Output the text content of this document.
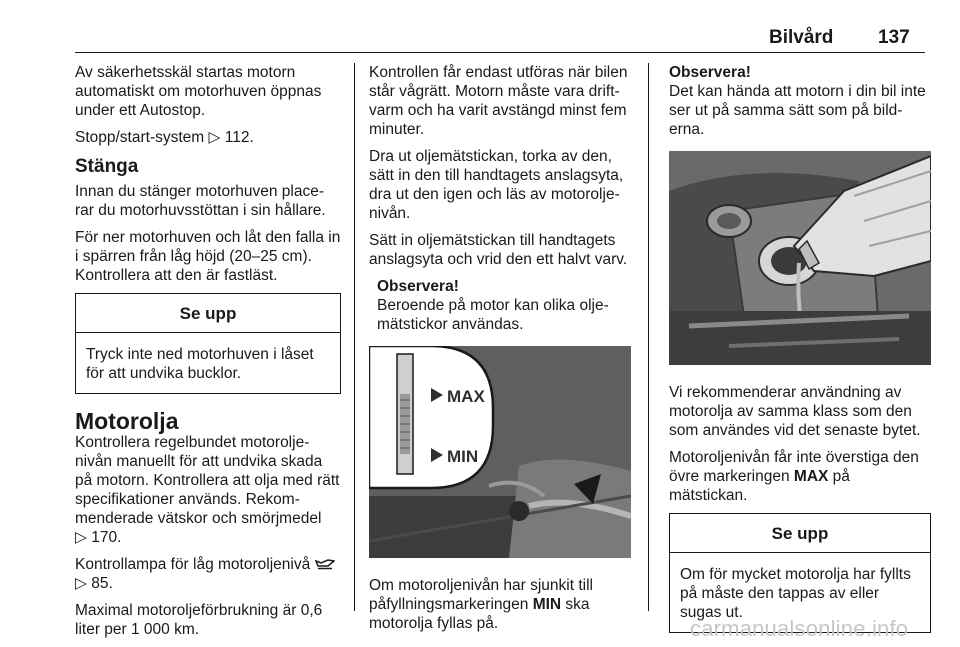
Bilvård 137

Av säkerhetsskäl startas motorn automatiskt om motorhuven öppnas under ett Autostop.

Stopp/start-system ▷ 112.

Stänga

Innan du stänger motorhuven place- rar du motorhuvsstöttan i sin hållare.

För ner motorhuven och låt den falla in i spärren från låg höjd (20–25 cm). Kontrollera att den är fastläst.

Se upp
Tryck inte ned motorhuven i låset för att undvika bucklor.
Motorolja

Kontrollera regelbundet motorolje- nivån manuellt för att undvika skada på motorn. Kontrollera att olja med rätt specifikationer används. Rekom- menderade vätskor och smörjmedel
▷ 170.

Kontrollampa för låg motoroljenivå
▷ 85.

Maximal motoroljeförbrukning är 0,6 liter per 1 000 km.

Kontrollen får endast utföras när bilen står vågrätt. Motorn måste vara drift- varm och ha varit avstängd minst fem minuter.

Dra ut oljemätstickan, torka av den, sätt in den till handtagets anslagsyta, dra ut den igen och läs av motorolje- nivån.

Sätt in oljemätstickan till handtagets anslagsyta och vrid den ett halvt varv.

Observera!
Beroende på motor kan olika olje- mätstickor användas.
MAX
MIN

Om motoroljenivån har sjunkit till påfyllningsmarkeringen MIN ska motorolja fyllas på.

Observera!
Det kan hända att motorn i din bil inte ser ut på samma sätt som på bild- erna.

Vi rekommenderar användning av motorolja av samma klass som den som användes vid det senaste bytet.

Motoroljenivån får inte överstiga den övre markeringen MAX på mätstickan.

Se upp
Om för mycket motorolja har fyllts på måste den tappas av eller sugas ut.
carmanualsonline.info
